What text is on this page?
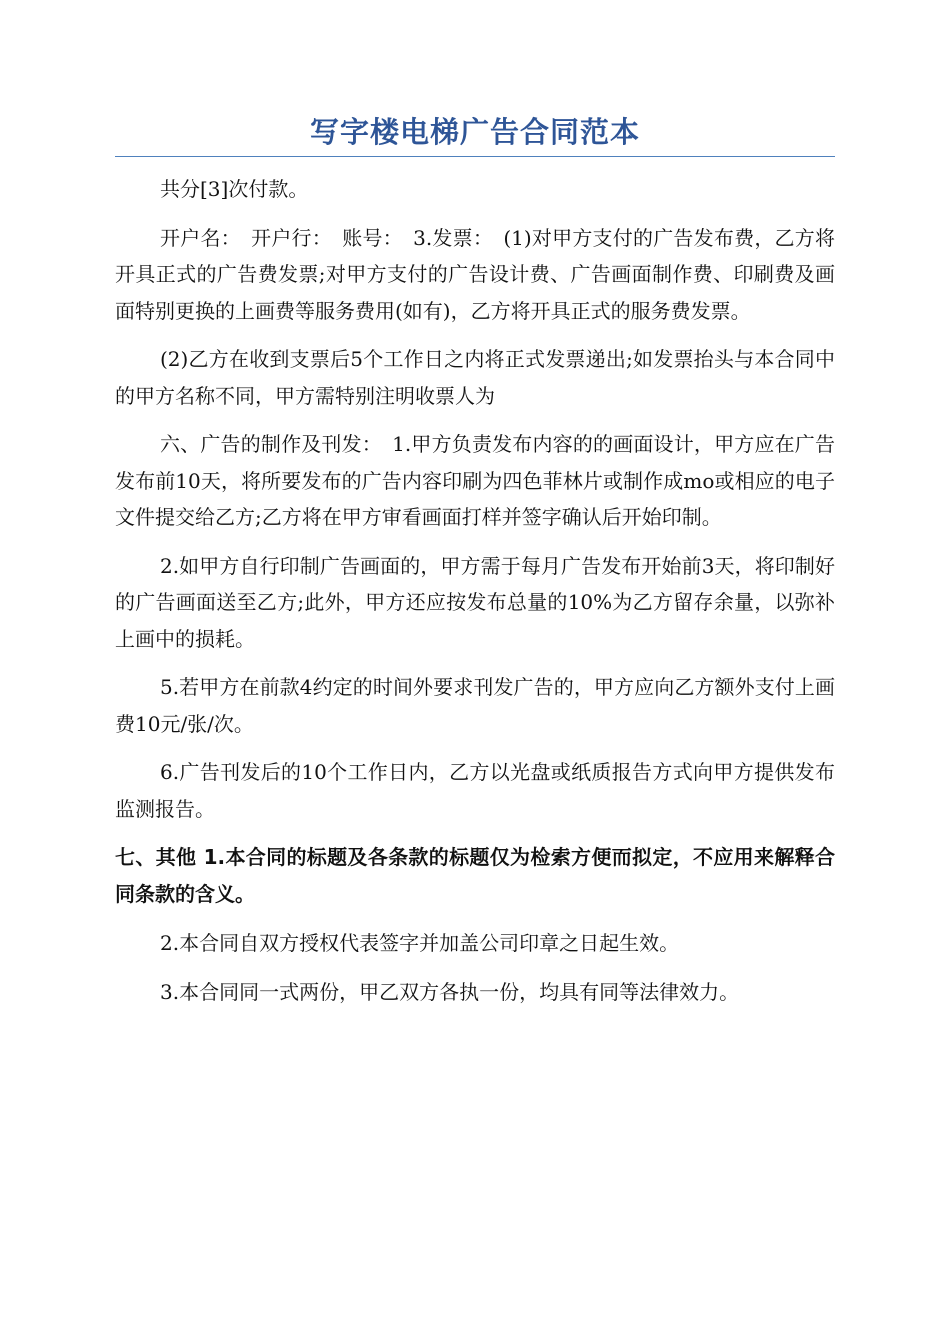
写字楼电梯广告合同范本

共分[3]次付款。

开户名：　开户行：　账号：　3.发票：　(1)对甲方支付的广告发布费，乙方将开具正式的广告费发票;对甲方支付的广告设计费、广告画面制作费、印刷费及画面特别更换的上画费等服务费用(如有)，乙方将开具正式的服务费发票。

(2)乙方在收到支票后5个工作日之内将正式发票递出;如发票抬头与本合同中的甲方名称不同，甲方需特别注明收票人为

六、广告的制作及刊发：　1.甲方负责发布内容的的画面设计，甲方应在广告发布前10天，将所要发布的广告内容印刷为四色菲林片或制作成mo或相应的电子文件提交给乙方;乙方将在甲方审看画面打样并签字确认后开始印制。

2.如甲方自行印制广告画面的，甲方需于每月广告发布开始前3天，将印制好的广告画面送至乙方;此外，甲方还应按发布总量的10%为乙方留存余量，以弥补上画中的损耗。

5.若甲方在前款4约定的时间外要求刊发广告的，甲方应向乙方额外支付上画费10元/张/次。

6.广告刊发后的10个工作日内，乙方以光盘或纸质报告方式向甲方提供发布监测报告。

七、其他 1.本合同的标题及各条款的标题仅为检索方便而拟定，不应用来解释合同条款的含义。

2.本合同自双方授权代表签字并加盖公司印章之日起生效。

3.本合同同一式两份，甲乙双方各执一份，均具有同等法律效力。
